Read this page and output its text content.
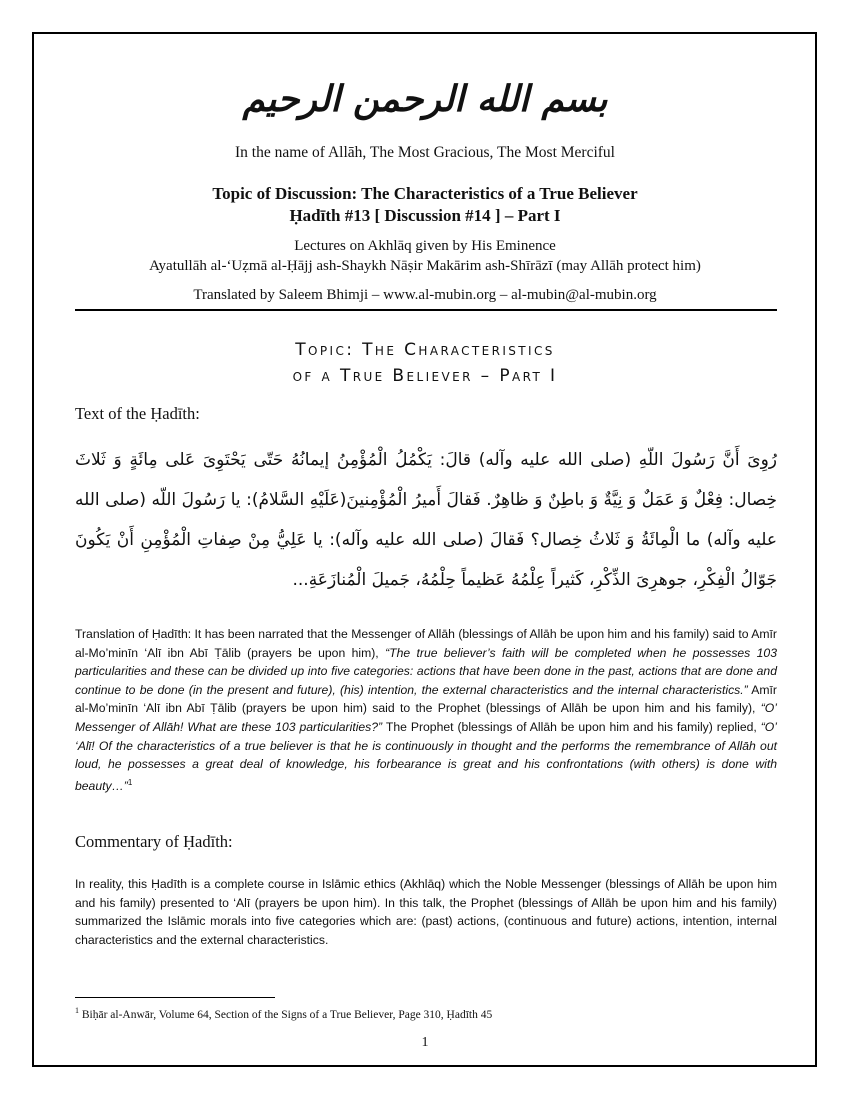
بسم الله الرحمن الرحيم
In the name of Allāh, The Most Gracious, The Most Merciful
Topic of Discussion: The Characteristics of a True Believer
Ḥadīth #13 [ Discussion #14 ] – Part I
Lectures on Akhlāq given by His Eminence
Ayatullāh al-‘Uẓmā al-Ḥājj ash-Shaykh Nāṣir Makārim ash-Shīrāzī (may Allāh protect him)
Translated by Saleem Bhimji – www.al-mubin.org – al-mubin@al-mubin.org
Topic: The Characteristics
of a True Believer – Part I
Text of the Ḥadīth:
رُوِىَ أَنَّ رَسُولَ اللّهِ (صلى الله عليه وآله) قالَ: يَكْمُلُ الْمُؤْمِنُ إيمانُهُ حَتّى يَحْتَوِىَ عَلى مِائَةٍ وَ ثَلاثَ خِصال: فِعْلٌ وَ عَمَلٌ وَ نِيَّةٌ وَ باطِنٌ وَ ظاهِرٌ. فَقالَ أَميرُ الْمُؤْمِنينَ(عَلَيْهِ السَّلامُ): يا رَسُولَ اللّه (صلى الله عليه وآله) ما الْمِائَةُ وَ ثَلاثُ خِصال؟ فَقالَ (صلى الله عليه وآله): يا عَلِيُّ مِنْ صِفاتِ الْمُؤْمِنِ أَنْ يَكُونَ جَوّالُ الْفِكْرِ، جوهرِىَ الذِّكْرِ، كَثيراً عِلْمُهُ عَظيماً حِلْمُهُ، جَميلَ الْمُنازَعَةِ...
Translation of Ḥadīth: It has been narrated that the Messenger of Allāh (blessings of Allāh be upon him and his family) said to Amīr al-Mo’minīn ‘Alī ibn Abī Ṭālib (prayers be upon him), “The true believer’s faith will be completed when he possesses 103 particularities and these can be divided up into five categories: actions that have been done in the past, actions that are done and continue to be done (in the present and future), (his) intention, the external characteristics and the internal characteristics.” Amīr al-Mo’minīn ‘Alī ibn Abī Ṭālib (prayers be upon him) said to the Prophet (blessings of Allāh be upon him and his family), “O’ Messenger of Allāh! What are these 103 particularities?” The Prophet (blessings of Allāh be upon him and his family) replied, “O’ ‘Alī! Of the characteristics of a true believer is that he is continuously in thought and the performs the remembrance of Allāh out loud, he possesses a great deal of knowledge, his forbearance is great and his confrontations (with others) is done with beauty…”$^1$
Commentary of Ḥadīth:
In reality, this Ḥadīth is a complete course in Islāmic ethics (Akhlāq) which the Noble Messenger (blessings of Allāh be upon him and his family) presented to ‘Alī (prayers be upon him). In this talk, the Prophet (blessings of Allāh be upon him and his family) summarized the Islāmic morals into five categories which are: (past) actions, (continuous and future) actions, intention, internal characteristics and the external characteristics.
$^1$ Biḥār al-Anwār, Volume 64, Section of the Signs of a True Believer, Page 310, Ḥadīth 45
1
